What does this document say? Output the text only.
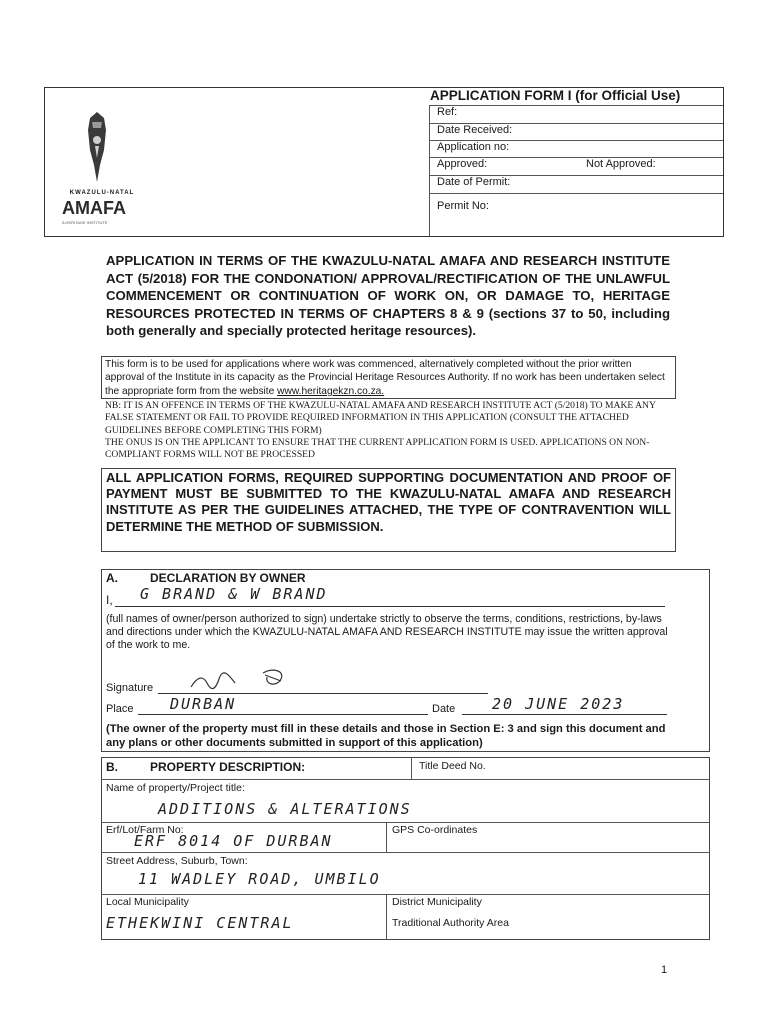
KWAZULU-NATAL
AMAFA
A HERITAGE INSTITUTE
APPLICATION FORM I (for Official Use)
Ref:
Date Received:
Application no:
Approved:	Not Approved:
Date of Permit:
Permit No:
APPLICATION IN TERMS OF THE KWAZULU-NATAL AMAFA AND RESEARCH INSTITUTE ACT (5/2018) FOR THE CONDONATION/ APPROVAL/RECTIFICATION OF THE UNLAWFUL COMMENCEMENT OR CONTINUATION OF WORK ON, OR DAMAGE TO, HERITAGE RESOURCES PROTECTED IN TERMS OF CHAPTERS 8 & 9 (sections 37 to 50, including both generally and specially protected heritage resources).
This form is to be used for applications where work was commenced, alternatively completed without the prior written approval of the Institute in its capacity as the Provincial Heritage Resources Authority. If no work has been undertaken select the appropriate form from the website www.heritagekzn.co.za.
NB: IT IS AN OFFENCE IN TERMS OF THE KWAZULU-NATAL AMAFA AND RESEARCH INSTITUTE ACT (5/2018) TO MAKE ANY FALSE STATEMENT OR FAIL TO PROVIDE REQUIRED INFORMATION IN THIS APPLICATION (CONSULT THE ATTACHED GUIDELINES BEFORE COMPLETING THIS FORM)
THE ONUS IS ON THE APPLICANT TO ENSURE THAT THE CURRENT APPLICATION FORM IS USED. APPLICATIONS ON NON-COMPLIANT FORMS WILL NOT BE PROCESSED
ALL APPLICATION FORMS, REQUIRED SUPPORTING DOCUMENTATION AND PROOF OF PAYMENT MUST BE SUBMITTED TO THE KWAZULU-NATAL AMAFA AND RESEARCH INSTITUTE AS PER THE GUIDELINES ATTACHED, THE TYPE OF CONTRAVENTION WILL DETERMINE THE METHOD OF SUBMISSION.
A.	DECLARATION BY OWNER
I, G BRAND & W BRAND
(full names of owner/person authorized to sign) undertake strictly to observe the terms, conditions, restrictions, by-laws and directions under which the KWAZULU-NATAL AMAFA AND RESEARCH INSTITUTE may issue the written approval of the work to me.
Signature
Place DURBAN	Date 20 JUNE 2023
(The owner of the property must fill in these details and those in Section E: 3 and sign this document and any plans or other documents submitted in support of this application)
B.	PROPERTY DESCRIPTION:	Title Deed No.
Name of property/Project title:
ADDITIONS & ALTERATIONS
Erf/Lot/Farm No:
ERF 8014 OF DURBAN
GPS Co-ordinates
Street Address, Suburb, Town:
11 WADLEY ROAD, UMBILO
Local Municipality
ETHEKWINI CENTRAL
District Municipality
Traditional Authority Area
1
